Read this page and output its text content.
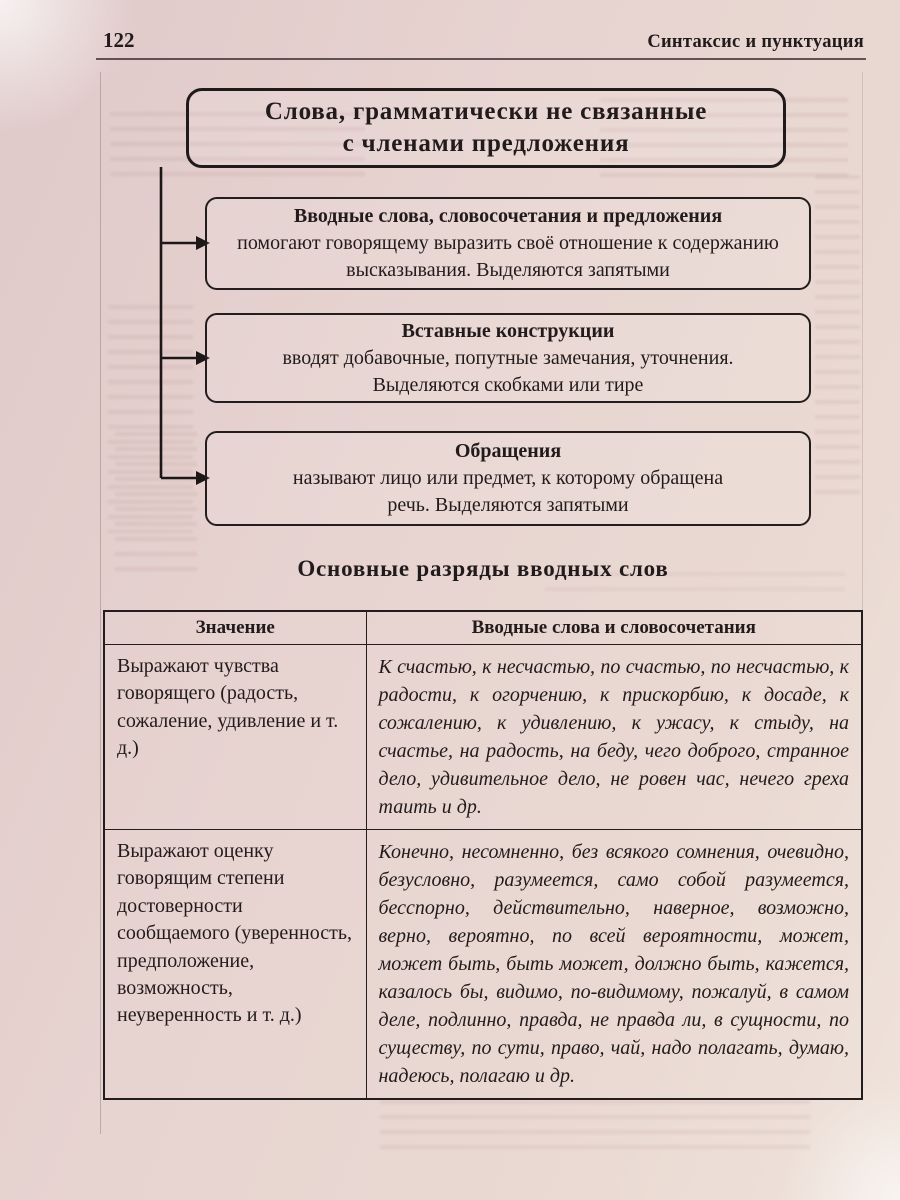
122	Синтаксис и пунктуация
Слова, грамматически не связанные
с членами предложения
Вводные слова, словосочетания и предложения
помогают говорящему выразить своё отношение к содержанию высказывания. Выделяются запятыми
Вставные конструкции
вводят добавочные, попутные замечания, уточнения. Выделяются скобками или тире
Обращения
называют лицо или предмет, к которому обращена речь. Выделяются запятыми
Основные разряды вводных слов
Значение	Вводные слова и словосочетания
Выражают чувства говорящего (радость, сожаление, удивление и т. д.)	К счастью, к несчастью, по счастью, по несчастью, к радости, к огорчению, к прискорбию, к досаде, к сожалению, к удивлению, к ужасу, к стыду, на счастье, на радость, на беду, чего доброго, странное дело, удивительное дело, не ровен час, нечего греха таить и др.
Выражают оценку говорящим степени достоверности сообщаемого (уверенность, предположение, возможность, неуверенность и т. д.)	Конечно, несомненно, без всякого сомнения, очевидно, безусловно, разумеется, само собой разумеется, бесспорно, действительно, наверное, возможно, верно, вероятно, по всей вероятности, может, может быть, быть может, должно быть, кажется, казалось бы, видимо, по-видимому, пожалуй, в самом деле, подлинно, правда, не правда ли, в сущности, по существу, по сути, право, чай, надо полагать, думаю, надеюсь, полагаю и др.
